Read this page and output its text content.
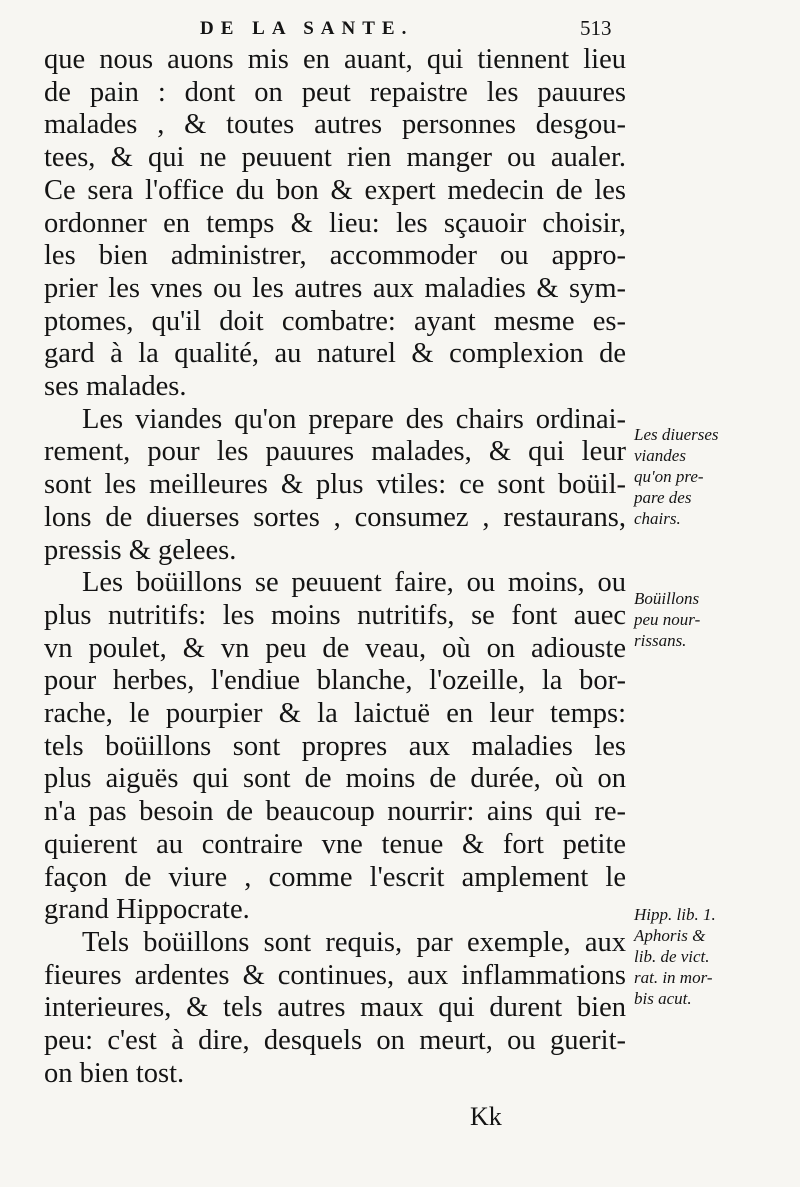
DE LA SANTE.	513

que nous auons mis en auant, qui tiennent lieu
de pain : dont on peut repaistre les pauures
malades , & toutes autres personnes desgou-
tees, & qui ne peuuent rien manger ou aualer.
Ce sera l'office du bon & expert medecin de les
ordonner en temps & lieu: les sçauoir choisir,
les bien administrer, accommoder ou appro-
prier les vnes ou les autres aux maladies & sym-
ptomes, qu'il doit combatre: ayant mesme es-
gard à la qualité, au naturel & complexion de
ses malades.

Les viandes qu'on prepare des chairs ordinai-
rement, pour les pauures malades, & qui leur
sont les meilleures & plus vtiles: ce sont boüil-
lons de diuerses sortes , consumez , restaurans,
pressis & gelees.

Les boüillons se peuuent faire, ou moins, ou
plus nutritifs: les moins nutritifs, se font auec
vn poulet, & vn peu de veau, où on adiouste
pour herbes, l'endiue blanche, l'ozeille, la bor-
rache, le pourpier & la laictuë en leur temps:
tels boüillons sont propres aux maladies les
plus aiguës qui sont de moins de durée, où on
n'a pas besoin de beaucoup nourrir: ains qui re-
quierent au contraire vne tenue & fort petite
façon de viure , comme l'escrit amplement le
grand Hippocrate.

Tels boüillons sont requis, par exemple, aux
fieures ardentes & continues, aux inflammations
interieures, & tels autres maux qui durent bien
peu: c'est à dire, desquels on meurt, ou guerit-
on bien tost.

Les diuerses
viandes
qu'on pre-
pare des
chairs.
Boüillons
peu nour-
rissans.
Hipp. lib. 1.
Aphoris &
lib. de vict.
rat. in mor-
bis acut.
Kk
